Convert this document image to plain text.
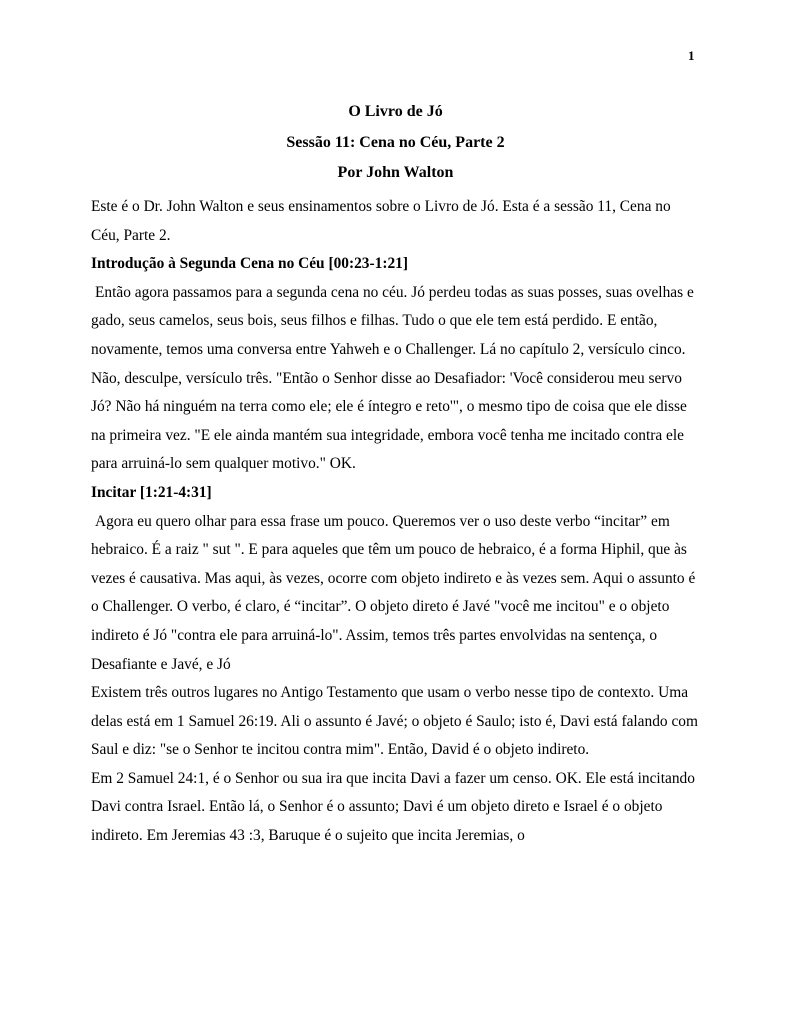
1
O Livro de Jó
Sessão 11: Cena no Céu, Parte 2
Por John Walton

Este é o Dr. John Walton e seus ensinamentos sobre o Livro de Jó. Esta é a sessão 11, Cena no Céu, Parte 2.

Introdução à Segunda Cena no Céu [00:23-1:21]

Então agora passamos para a segunda cena no céu. Jó perdeu todas as suas posses, suas ovelhas e gado, seus camelos, seus bois, seus filhos e filhas. Tudo o que ele tem está perdido. E então, novamente, temos uma conversa entre Yahweh e o Challenger. Lá no capítulo 2, versículo cinco. Não, desculpe, versículo três. "Então o Senhor disse ao Desafiador: 'Você considerou meu servo Jó? Não há ninguém na terra como ele; ele é íntegro e reto'", o mesmo tipo de coisa que ele disse na primeira vez. "E ele ainda mantém sua integridade, embora você tenha me incitado contra ele para arruiná-lo sem qualquer motivo." OK.

Incitar [1:21-4:31]

Agora eu quero olhar para essa frase um pouco. Queremos ver o uso deste verbo “incitar” em hebraico. É a raiz " sut ". E para aqueles que têm um pouco de hebraico, é a forma Hiphil, que às vezes é causativa. Mas aqui, às vezes, ocorre com objeto indireto e às vezes sem. Aqui o assunto é o Challenger. O verbo, é claro, é “incitar”. O objeto direto é Javé "você me incitou" e o objeto indireto é Jó "contra ele para arruiná-lo". Assim, temos três partes envolvidas na sentença, o Desafiante e Javé, e Jó

Existem três outros lugares no Antigo Testamento que usam o verbo nesse tipo de contexto. Uma delas está em 1 Samuel 26:19. Ali o assunto é Javé; o objeto é Saulo; isto é, Davi está falando com Saul e diz: "se o Senhor te incitou contra mim". Então, David é o objeto indireto.

Em 2 Samuel 24:1, é o Senhor ou sua ira que incita Davi a fazer um censo. OK. Ele está incitando Davi contra Israel. Então lá, o Senhor é o assunto; Davi é um objeto direto e Israel é o objeto indireto. Em Jeremias 43 :3, Baruque é o sujeito que incita Jeremias, o
